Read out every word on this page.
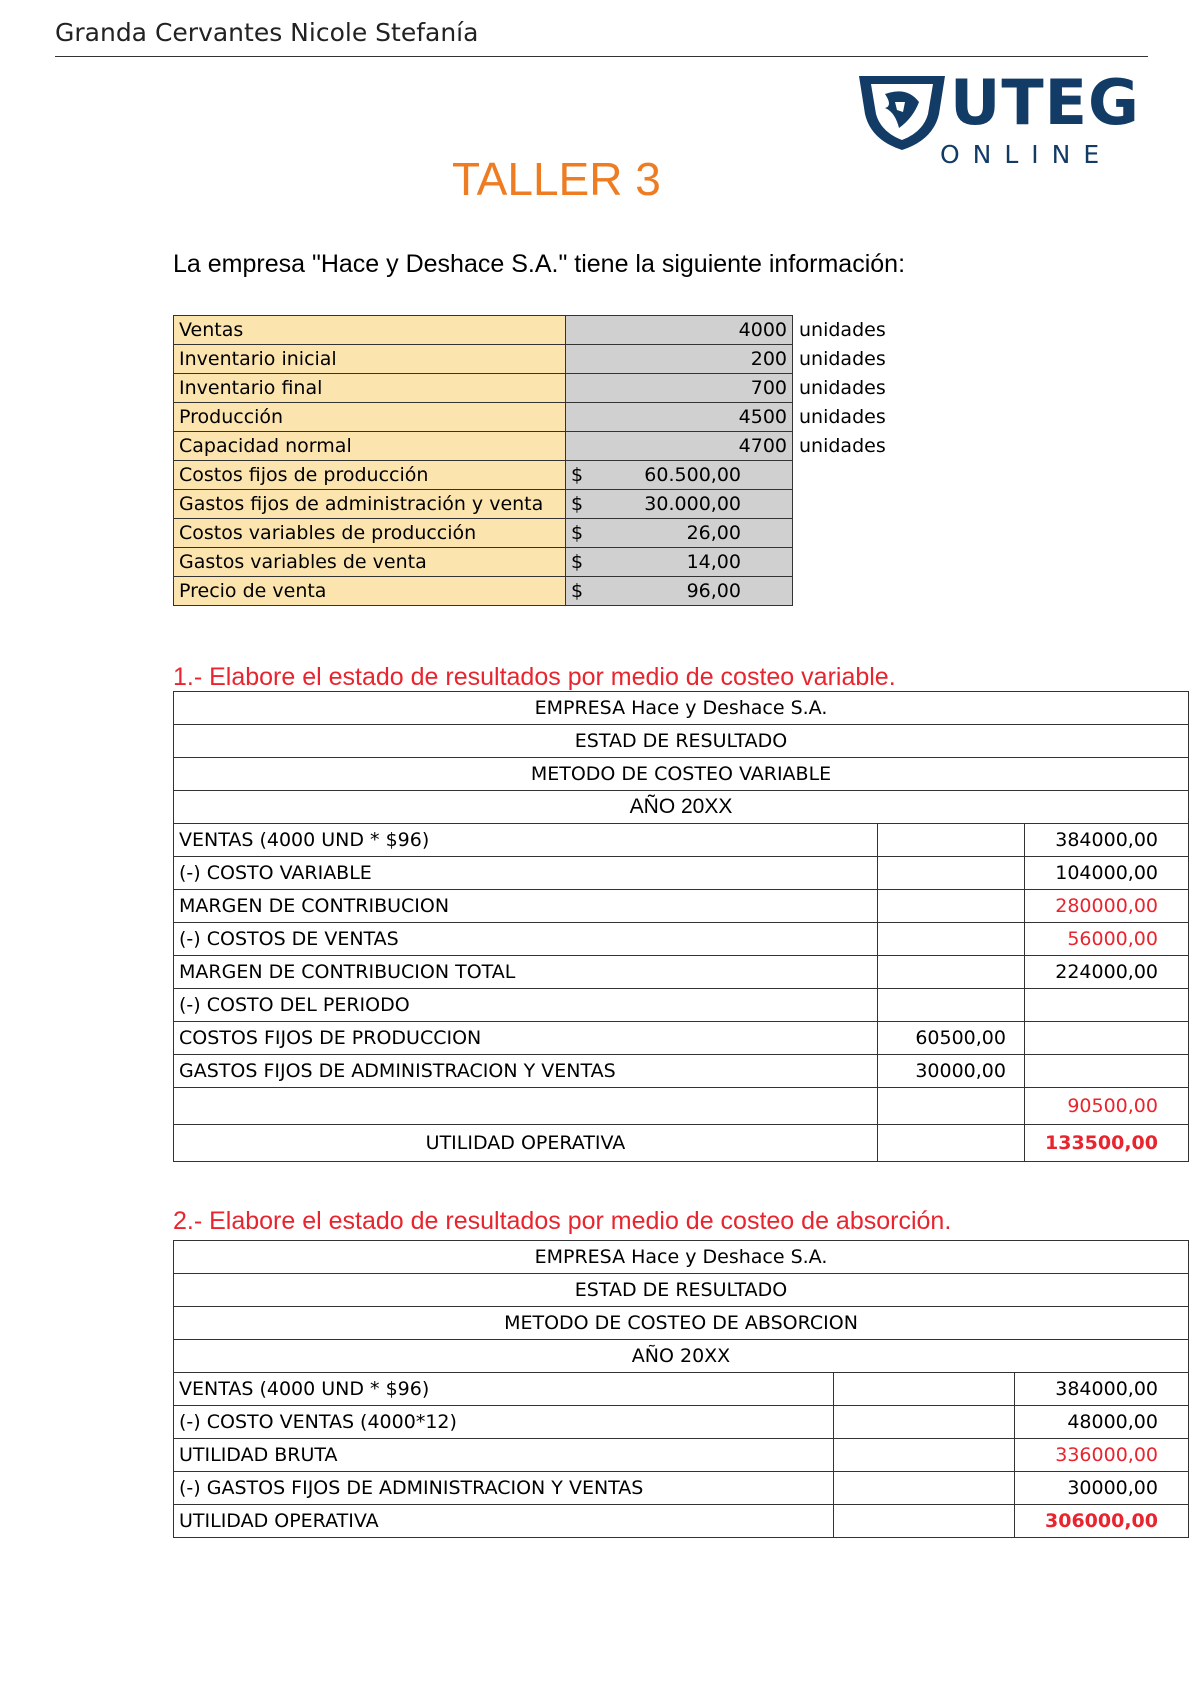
Granda Cervantes Nicole Stefanía
UTEG
ONLINE
TALLER 3
La empresa "Hace y Deshace S.A." tiene la siguiente información:
Ventas	4000	unidades
Inventario inicial	200	unidades
Inventario final	700	unidades
Producción	4500	unidades
Capacidad normal	4700	unidades
Costos fijos de producción	$ 60.500,00	
Gastos fijos de administración y venta	$ 30.000,00	
Costos variables de producción	$ 26,00	
Gastos variables de venta	$ 14,00	
Precio de venta	$ 96,00	
1.- Elabore el estado de resultados por medio de costeo variable.
EMPRESA Hace y Deshace S.A.		
ESTAD DE RESULTADO		
METODO DE COSTEO VARIABLE		
AÑO 20XX		
VENTAS (4000 UND * $96)		384000,00
(-) COSTO VARIABLE		104000,00
MARGEN DE CONTRIBUCION		280000,00
(-) COSTOS DE VENTAS		56000,00
MARGEN DE CONTRIBUCION TOTAL		224000,00
(-) COSTO DEL PERIODO		
COSTOS FIJOS DE PRODUCCION	60500,00	
GASTOS FIJOS DE ADMINISTRACION Y VENTAS	30000,00	
		90500,00
UTILIDAD OPERATIVA		133500,00
2.- Elabore el estado de resultados por medio de costeo de absorción.
EMPRESA Hace y Deshace S.A.		
ESTAD DE RESULTADO		
METODO DE COSTEO DE ABSORCION		
AÑO 20XX		
VENTAS (4000 UND * $96)		384000,00
(-) COSTO VENTAS (4000*12)		48000,00
UTILIDAD BRUTA		336000,00
(-) GASTOS FIJOS DE ADMINISTRACION Y VENTAS		30000,00
UTILIDAD OPERATIVA		306000,00
